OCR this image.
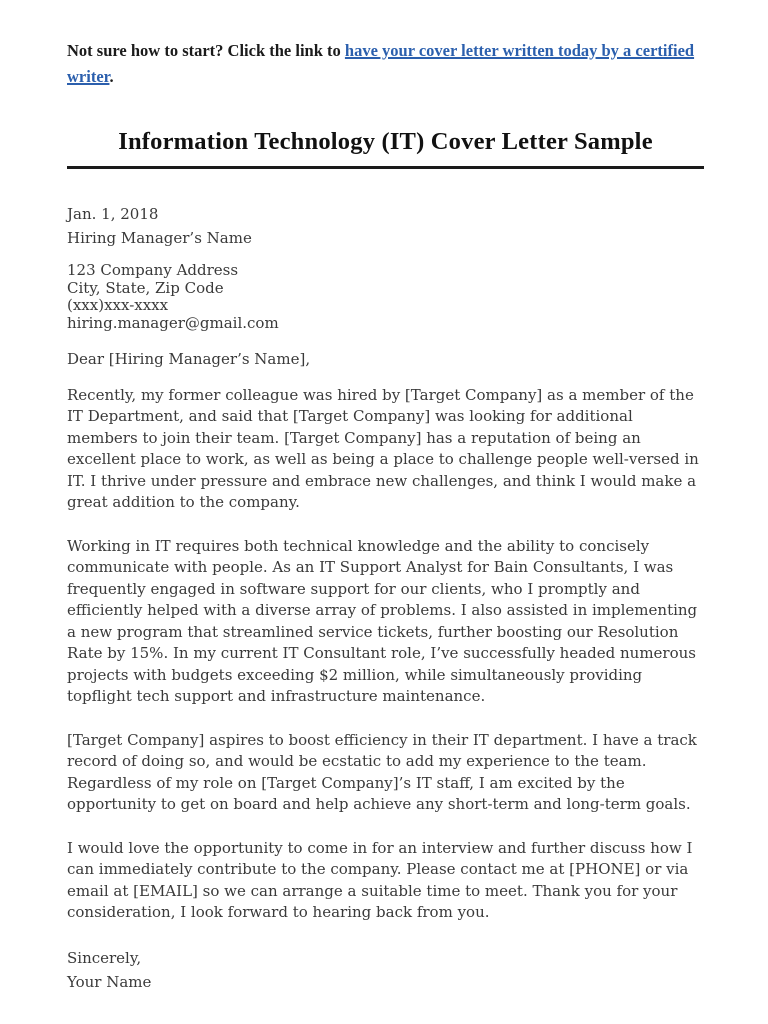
Not sure how to start? Click the link to have your cover letter written today by a certified writer.
Information Technology (IT) Cover Letter Sample
Jan. 1, 2018
Hiring Manager’s Name
123 Company Address
City, State, Zip Code
(xxx)xxx-xxxx
hiring.manager@gmail.com

Dear [Hiring Manager’s Name],

Recently, my former colleague was hired by [Target Company] as a member of the IT Department, and said that [Target Company] was looking for additional members to join their team. [Target Company] has a reputation of being an excellent place to work, as well as being a place to challenge people well-versed in IT. I thrive under pressure and embrace new challenges, and think I would make a great addition to the company.

Working in IT requires both technical knowledge and the ability to concisely communicate with people. As an IT Support Analyst for Bain Consultants, I was frequently engaged in software support for our clients, who I promptly and efficiently helped with a diverse array of problems. I also assisted in implementing a new program that streamlined service tickets, further boosting our Resolution Rate by 15%. In my current IT Consultant role, I’ve successfully headed numerous projects with budgets exceeding $2 million, while simultaneously providing topflight tech support and infrastructure maintenance.

[Target Company] aspires to boost efficiency in their IT department. I have a track record of doing so, and would be ecstatic to add my experience to the team. Regardless of my role on [Target Company]’s IT staff, I am excited by the opportunity to get on board and help achieve any short-term and long-term goals.

I would love the opportunity to come in for an interview and further discuss how I can immediately contribute to the company. Please contact me at [PHONE] or via email at [EMAIL] so we can arrange a suitable time to meet. Thank you for your consideration, I look forward to hearing back from you.

Sincerely,
Your Name
